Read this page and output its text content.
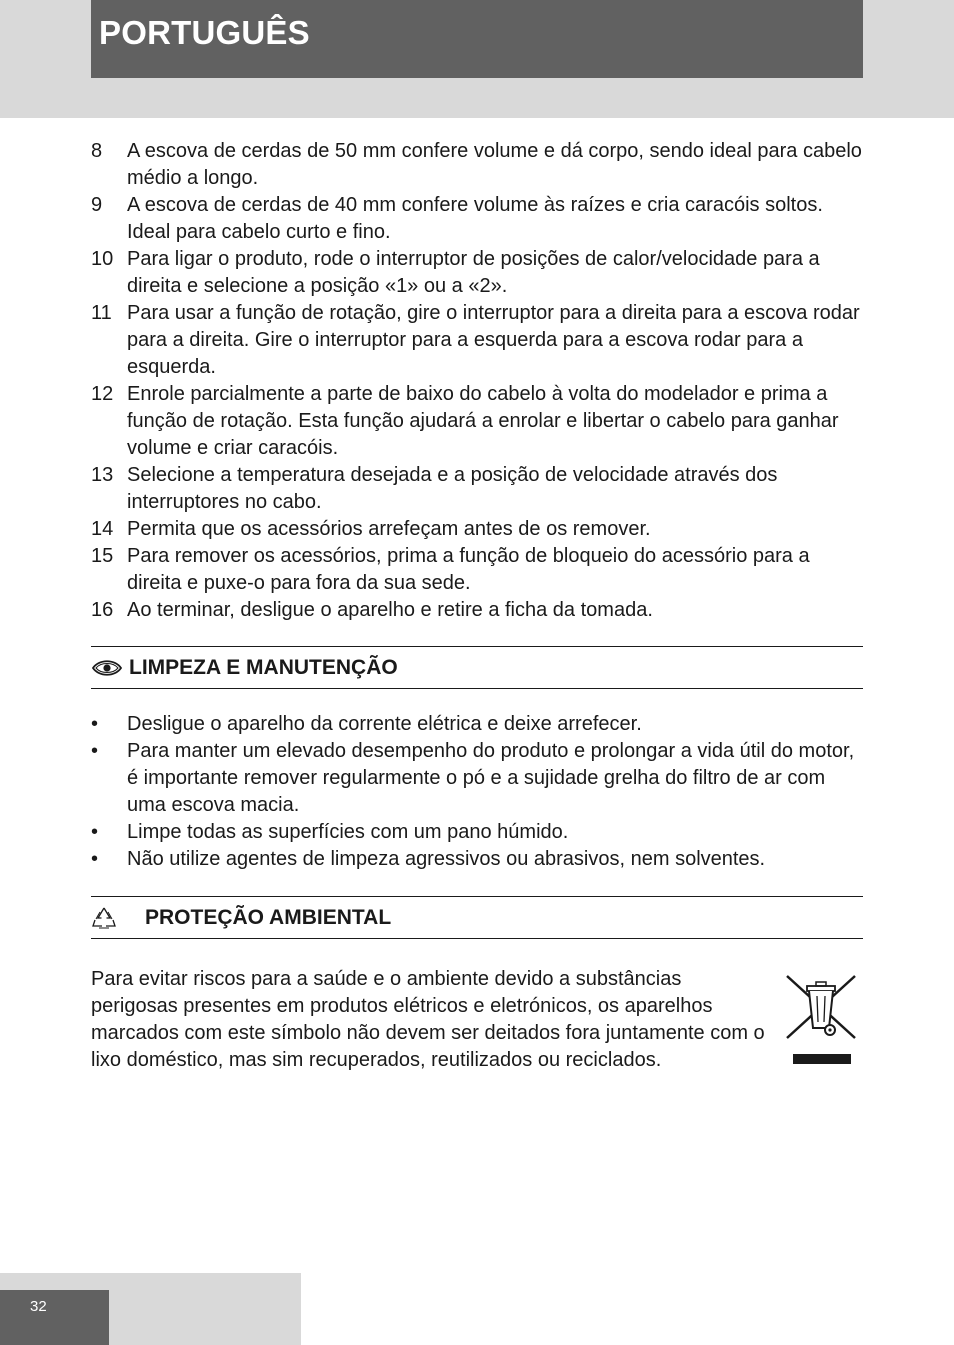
PORTUGUÊS
8	A escova de cerdas de 50 mm confere volume e dá corpo, sendo ideal para cabelo médio a longo.
9	A escova de cerdas de 40 mm confere volume às raízes e cria caracóis soltos. Ideal para cabelo curto e fino.
10 Para ligar o produto, rode o interruptor de posições de calor/velocidade para a direita e selecione a posição «1» ou a «2».
11 Para usar a função de rotação, gire o interruptor para a direita para a escova rodar para a direita. Gire o interruptor para a esquerda para a escova rodar para a esquerda.
12 Enrole parcialmente a parte de baixo do cabelo à volta do modelador e prima a função de rotação. Esta função ajudará a enrolar e libertar o cabelo para ganhar volume e criar caracóis.
13 Selecione a temperatura desejada e a posição de velocidade através dos interruptores no cabo.
14 Permita que os acessórios arrefeçam antes de os remover.
15 Para remover os acessórios, prima a função de bloqueio do acessório para a direita e puxe-o para fora da sua sede.
16 Ao terminar, desligue o aparelho e retire a ficha da tomada.
LIMPEZA E MANUTENÇÃO
•	Desligue o aparelho da corrente elétrica e deixe arrefecer.
•	Para manter um elevado desempenho do produto e prolongar a vida útil do motor, é importante remover regularmente o pó e a sujidade grelha do filtro de ar com uma escova macia.
•	Limpe todas as superfícies com um pano húmido.
•	Não utilize agentes de limpeza agressivos ou abrasivos, nem solventes.
PROTEÇÃO AMBIENTAL

Para evitar riscos para a saúde e o ambiente devido a substâncias perigosas presentes em produtos elétricos e eletrónicos, os aparelhos marcados com este símbolo não devem ser deitados fora juntamente com o lixo doméstico, mas sim recuperados, reutilizados ou reciclados.

32
